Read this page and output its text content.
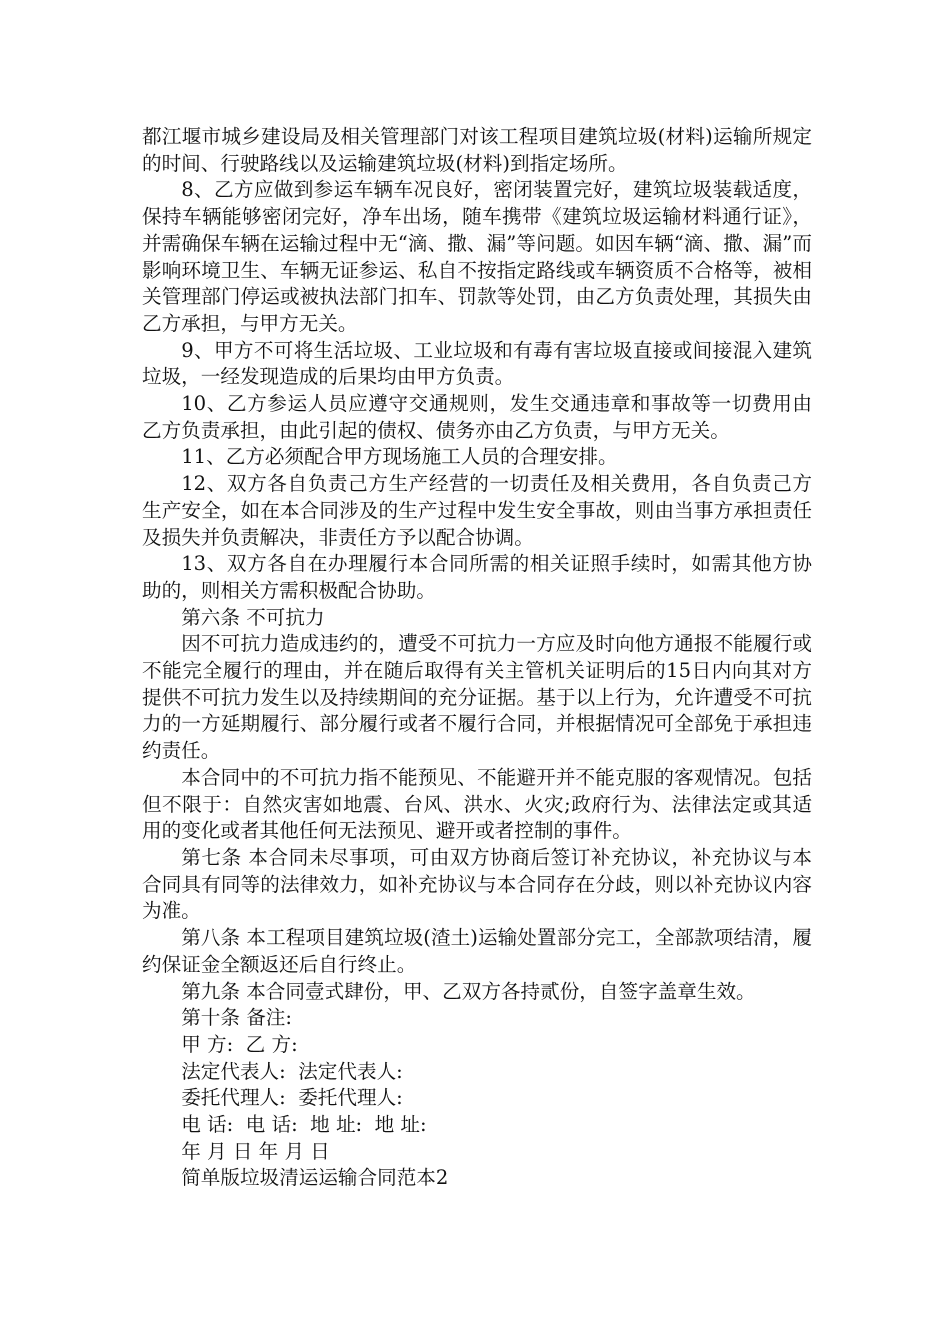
都江堰市城乡建设局及相关管理部门对该工程项目建筑垃圾(材料)运输所规定的时间、行驶路线以及运输建筑垃圾(材料)到指定场所。

8、乙方应做到参运车辆车况良好，密闭装置完好，建筑垃圾装载适度，保持车辆能够密闭完好，净车出场，随车携带《建筑垃圾运输材料通行证》，并需确保车辆在运输过程中无“滴、撒、漏”等问题。如因车辆“滴、撒、漏”而影响环境卫生、车辆无证参运、私自不按指定路线或车辆资质不合格等，被相关管理部门停运或被执法部门扣车、罚款等处罚，由乙方负责处理，其损失由乙方承担，与甲方无关。

9、甲方不可将生活垃圾、工业垃圾和有毒有害垃圾直接或间接混入建筑垃圾，一经发现造成的后果均由甲方负责。

10、乙方参运人员应遵守交通规则，发生交通违章和事故等一切费用由乙方负责承担，由此引起的债权、债务亦由乙方负责，与甲方无关。

11、乙方必须配合甲方现场施工人员的合理安排。

12、双方各自负责己方生产经营的一切责任及相关费用，各自负责己方生产安全，如在本合同涉及的生产过程中发生安全事故，则由当事方承担责任及损失并负责解决，非责任方予以配合协调。

13、双方各自在办理履行本合同所需的相关证照手续时，如需其他方协助的，则相关方需积极配合协助。

第六条 不可抗力

因不可抗力造成违约的，遭受不可抗力一方应及时向他方通报不能履行或不能完全履行的理由，并在随后取得有关主管机关证明后的15日内向其对方提供不可抗力发生以及持续期间的充分证据。基于以上行为，允许遭受不可抗力的一方延期履行、部分履行或者不履行合同，并根据情况可全部免于承担违约责任。

本合同中的不可抗力指不能预见、不能避开并不能克服的客观情况。包括但不限于：自然灾害如地震、台风、洪水、火灾;政府行为、法律法定或其适用的变化或者其他任何无法预见、避开或者控制的事件。

第七条 本合同未尽事项，可由双方协商后签订补充协议，补充协议与本合同具有同等的法律效力，如补充协议与本合同存在分歧，则以补充协议内容为准。

第八条 本工程项目建筑垃圾(渣土)运输处置部分完工，全部款项结清，履约保证金全额返还后自行终止。

第九条 本合同壹式肆份，甲、乙双方各持贰份，自签字盖章生效。

第十条 备注:

甲 方:  乙 方:

法定代表人:  法定代表人:

委托代理人:  委托代理人:

电 话:  电 话:  地 址:  地 址:

年 月 日 年 月 日

简单版垃圾清运运输合同范本2
